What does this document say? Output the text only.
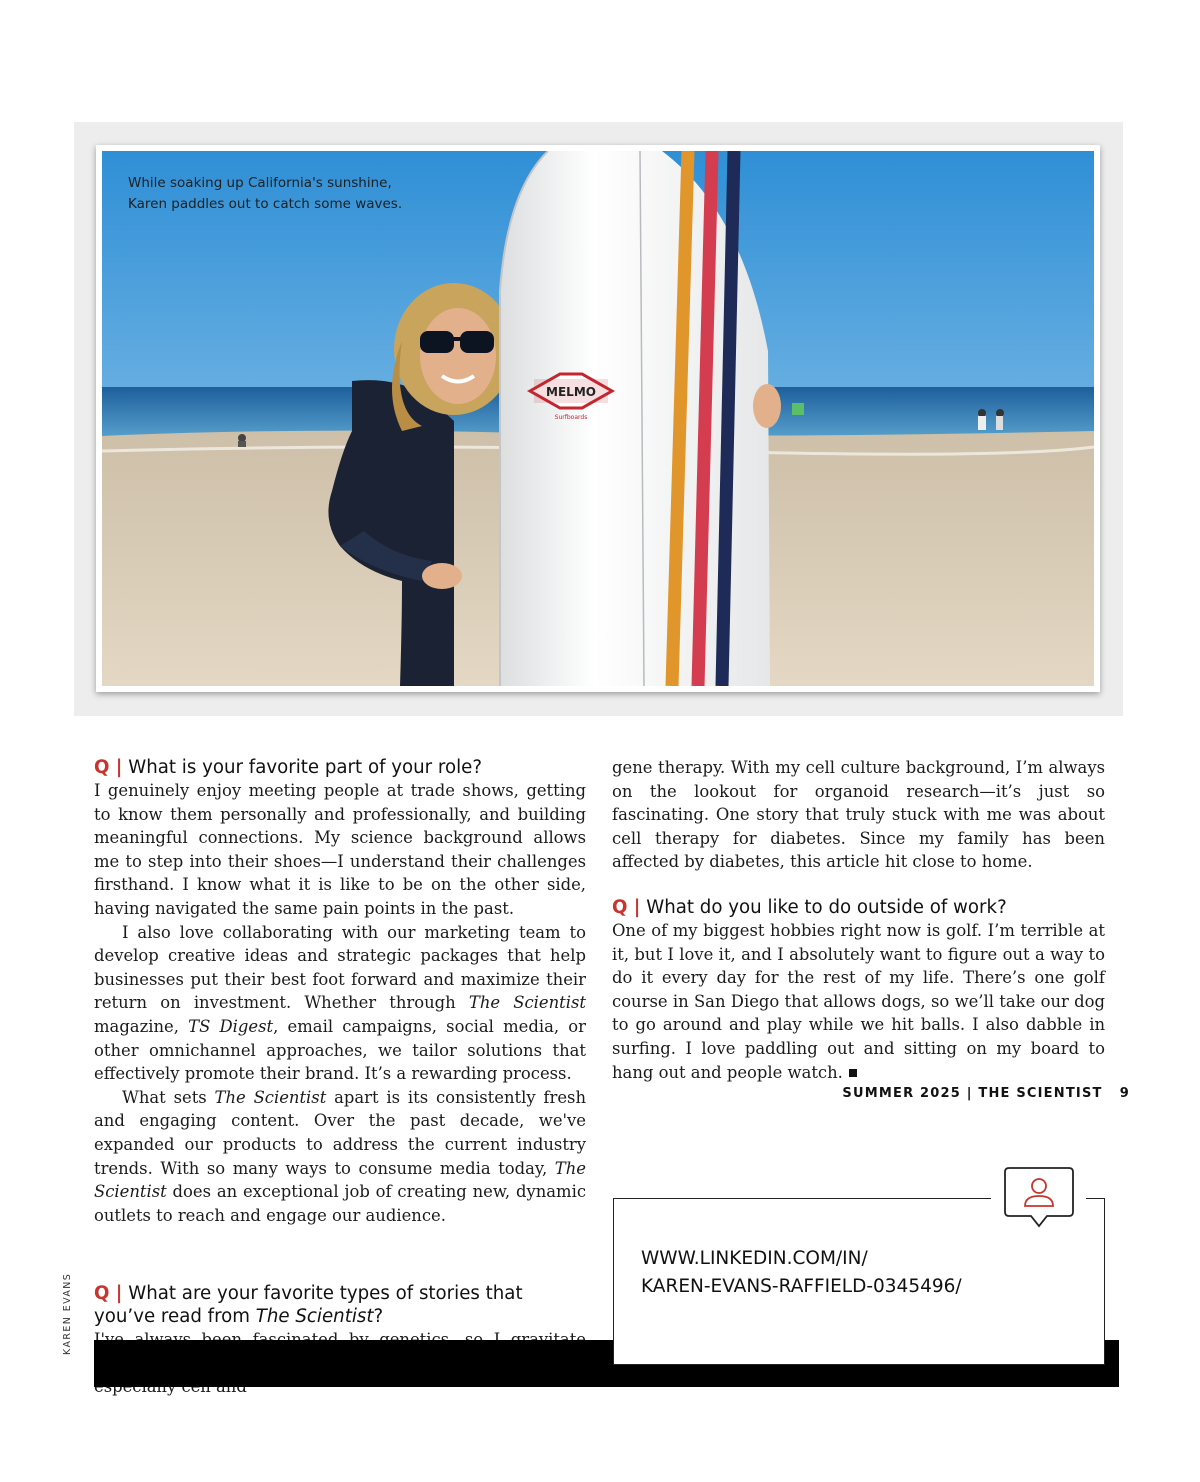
MELMO
Surfboards
While soaking up California's sunshine,
Karen paddles out to catch some waves.
Q | What is your favorite part of your role?

I genuinely enjoy meeting people at trade shows, getting to know them personally and professionally, and building meaningful connections. My science background allows me to step into their shoes—I understand their challenges firsthand. I know what it is like to be on the other side, having navigated the same pain points in the past.

I also love collaborating with our marketing team to develop creative ideas and strategic packages that help businesses put their best foot forward and maximize their return on investment. Whether through The Scientist magazine, TS Digest, email campaigns, social media, or other omnichannel approaches, we tailor solutions that effectively promote their brand. It’s a rewarding process.

What sets The Scientist apart is its consistently fresh and engaging content. Over the past decade, we've expanded our products to address the current industry trends. With so many ways to consume media today, The Scientist does an exceptional job of creating new, dynamic outlets to reach and engage our audience.

Q | What are your favorite types of stories that you’ve read from The Scientist?

gene therapy. With my cell culture background, I’m always on the lookout for organoid research—it’s just so fascinating. One story that truly stuck with me was about cell therapy for diabetes. Since my family has been affected by diabetes, this article hit close to home.

Q | What do you like to do outside of work?

One of my biggest hobbies right now is golf. I’m terrible at it, but I love it, and I absolutely want to figure out a way to do it every day for the rest of my life. There’s one golf course in San Diego that allows dogs, so we’ll take our dog to go around and play while we hit balls. I also dabble in surfing. I love paddling out and sitting on my board to hang out and people watch.

WWW.LINKEDIN.COM/IN/
KAREN-EVANS-RAFFIELD-0345496/
KAREN EVANS
SUMMER 2025 | THE SCIENTIST   9
